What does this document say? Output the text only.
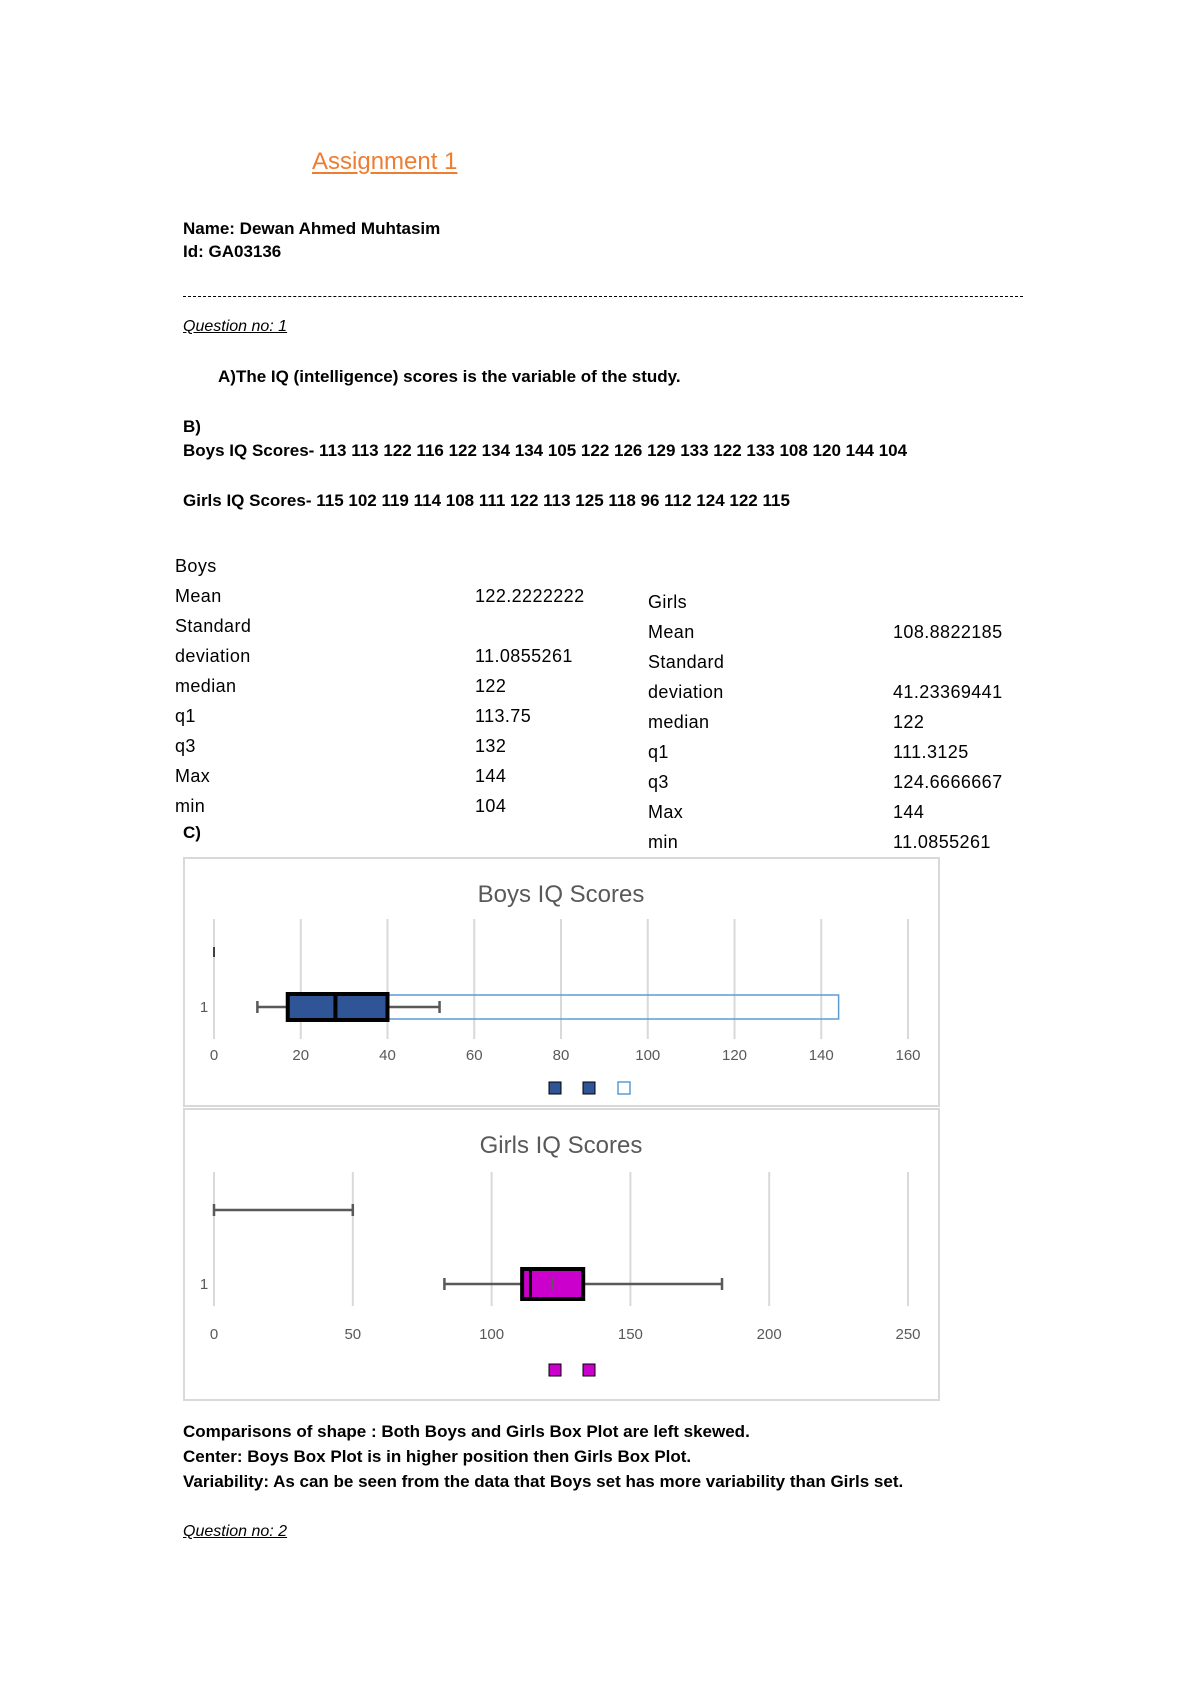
Assignment 1
Name: Dewan Ahmed Muhtasim
Id: GA03136
Question no: 1
A)The IQ (intelligence) scores is the variable of the study.
B)
Boys IQ Scores- 113 113 122 116 122 134 134 105 122 126 129 133 122 133 108 120 144 104
Girls IQ Scores- 115 102 119 114 108 111 122 113 125 118 96 112 124 122 115
Boys
Mean	122.2222222
Standard
deviation	11.0855261
median	122
q1	113.75
q3	132
Max	144
min	104
Girls
Mean	108.8822185
Standard
deviation	41.23369441
median	122
q1	111.3125
q3	124.6666667
Max	144
min	11.0855261
C)
Boys IQ Scores
0	20	40	60	80	100	120	140	160
1
Girls IQ Scores
0	50	100	150	200	250
1
Comparisons of shape : Both Boys and Girls Box Plot are left skewed.
Center: Boys Box Plot is in higher position then Girls Box Plot.
Variability: As can be seen from the data that Boys set has more variability than Girls set.
Question no: 2
